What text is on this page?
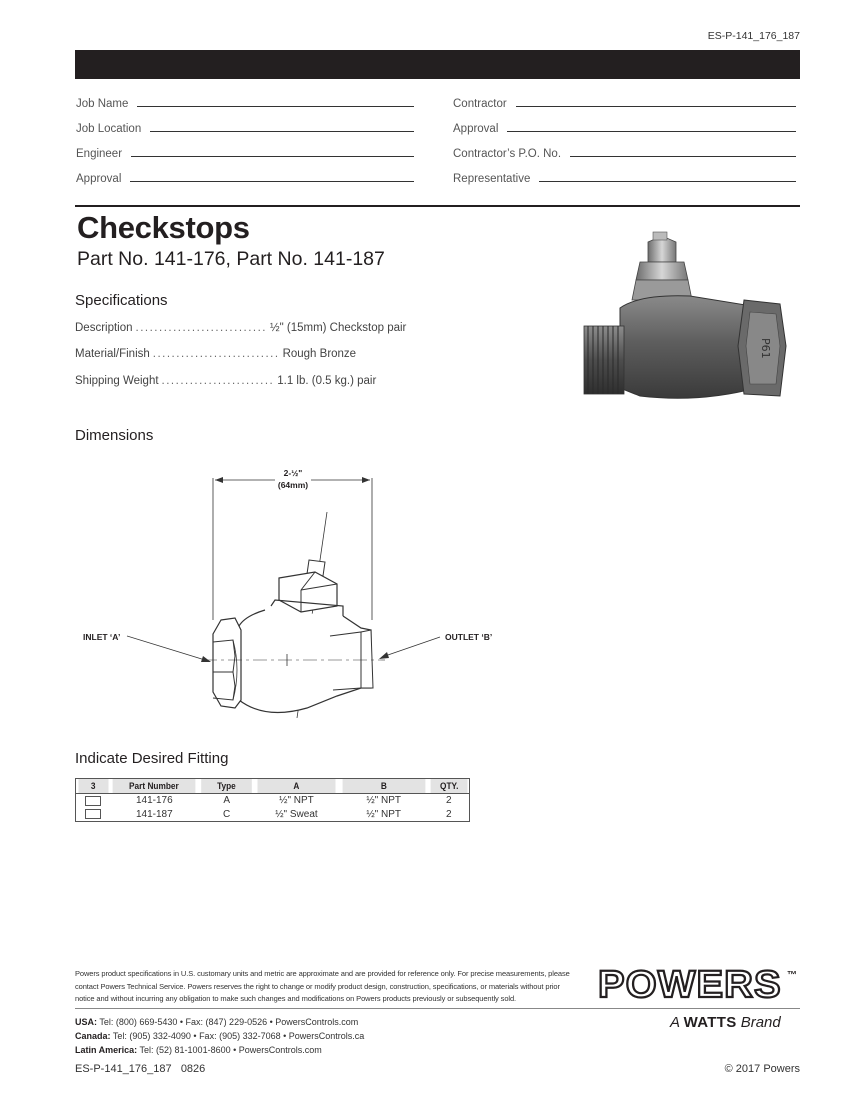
ES-P-141_176_187
Job Name
Job Location
Engineer
Approval
Contractor
Approval
Contractor’s P.O. No.
Representative
Checkstops
Part No. 141-176, Part No. 141-187
Specifications
Description ............................ ½" (15mm) Checkstop pair
Material/Finish ........................... Rough Bronze
Shipping Weight ........................ 1.1 lb. (0.5 kg.) pair
P61
Dimensions
2-½"
(64mm)
INLET ‘A’	OUTLET ‘B’
Indicate Desired Fitting
3	Part Number	Type	A	B	QTY.
	141-176	A	½" NPT	½" NPT	2
	141-187	C	½" Sweat	½" NPT	2
Powers product specifications in U.S. customary units and metric are approximate and are provided for reference only. For precise measurements, please contact Powers Technical Service. Powers reserves the right to change or modify product design, construction, specifications, or materials without prior notice and without incurring any obligation to make such changes and modifications on Powers products previously or subsequently sold.
USA: Tel: (800) 669-5430 • Fax: (847) 229-0526 • PowersControls.com
Canada: Tel: (905) 332-4090 • Fax: (905) 332-7068 • PowersControls.ca
Latin America: Tel: (52) 81-1001-8600 • PowersControls.com
POWERS ™
A WATTS Brand
ES-P-141_176_187 0826	© 2017 Powers
